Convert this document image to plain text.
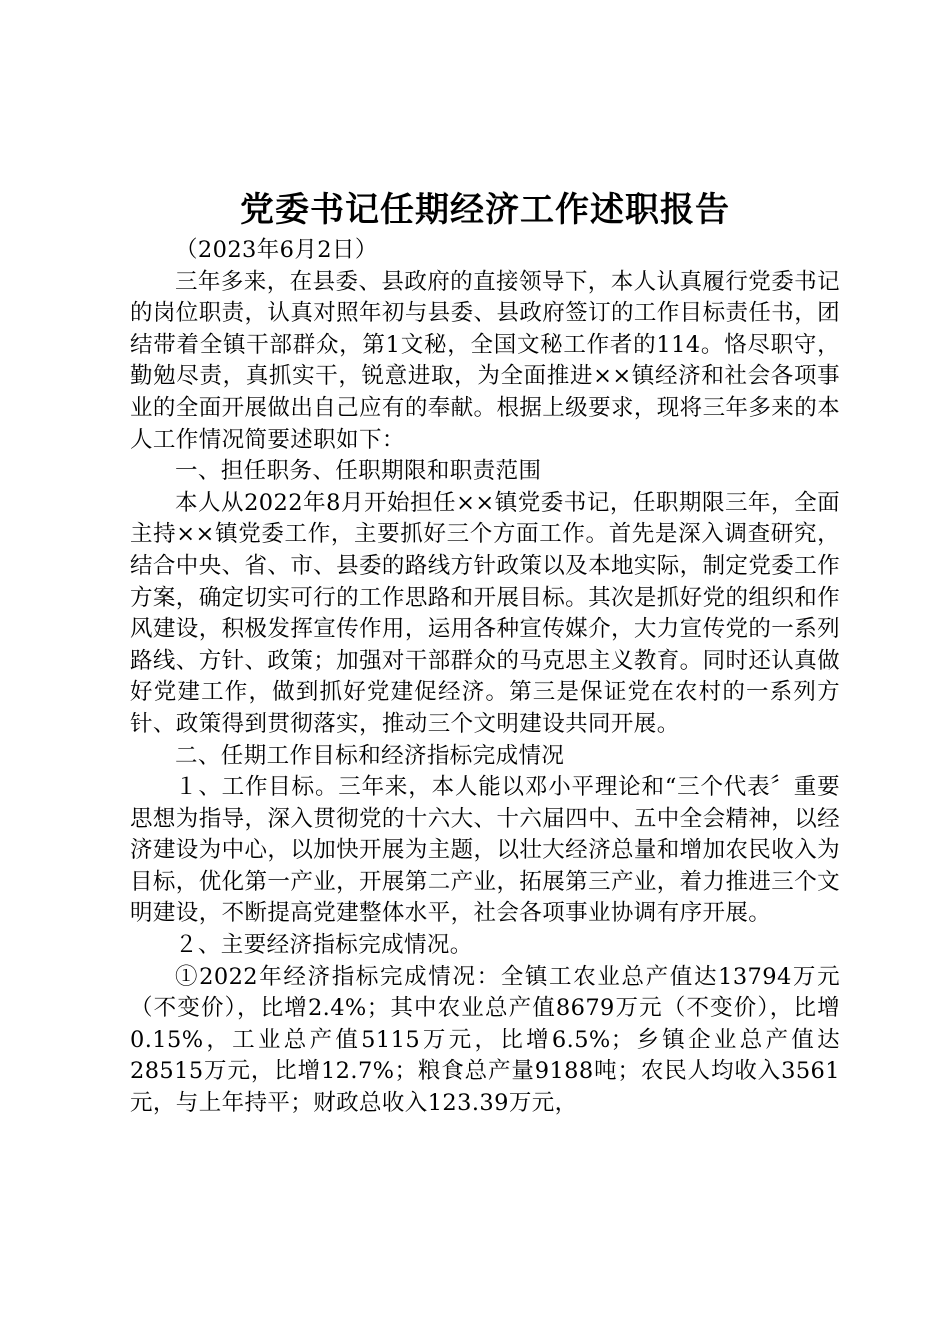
党委书记任期经济工作述职报告

（2023年6月2日）

三年多来，在县委、县政府的直接领导下，本人认真履行党委书记的岗位职责，认真对照年初与县委、县政府签订的工作目标责任书，团结带着全镇干部群众，第1文秘，全国文秘工作者的114。恪尽职守，勤勉尽责，真抓实干，锐意进取，为全面推进××镇经济和社会各项事业的全面开展做出自己应有的奉献。根据上级要求，现将三年多来的本人工作情况简要述职如下：

一、担任职务、任职期限和职责范围

本人从2022年8月开始担任××镇党委书记，任职期限三年，全面主持××镇党委工作，主要抓好三个方面工作。首先是深入调查研究，结合中央、省、市、县委的路线方针政策以及本地实际，制定党委工作方案，确定切实可行的工作思路和开展目标。其次是抓好党的组织和作风建设，积极发挥宣传作用，运用各种宣传媒介，大力宣传党的一系列路线、方针、政策；加强对干部群众的马克思主义教育。同时还认真做好党建工作，做到抓好党建促经济。第三是保证党在农村的一系列方针、政策得到贯彻落实，推动三个文明建设共同开展。

二、任期工作目标和经济指标完成情况

１、工作目标。三年来，本人能以邓小平理论和“三个代表〞重要思想为指导，深入贯彻党的十六大、十六届四中、五中全会精神，以经济建设为中心，以加快开展为主题，以壮大经济总量和增加农民收入为目标，优化第一产业，开展第二产业，拓展第三产业，着力推进三个文明建设，不断提高党建整体水平，社会各项事业协调有序开展。

２、主要经济指标完成情况。

①2022年经济指标完成情况：全镇工农业总产值达13794万元（不变价），比增2.4%；其中农业总产值8679万元（不变价），比增0.15%，工业总产值5115万元，比增6.5%；乡镇企业总产值达28515万元，比增12.7%；粮食总产量9188吨；农民人均收入3561元，与上年持平；财政总收入123.39万元，
